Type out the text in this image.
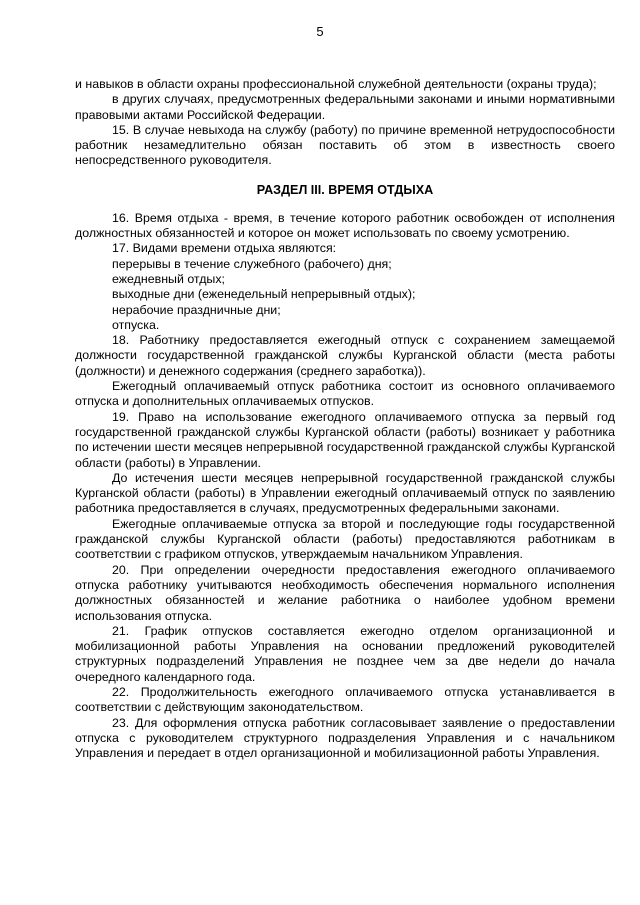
5

и навыков в области охраны профессиональной служебной деятельности (охраны труда);

в других случаях, предусмотренных федеральными законами и иными нормативными правовыми актами Российской Федерации.

15. В случае невыхода на службу (работу) по причине временной нетрудоспособности работник незамедлительно обязан поставить об этом в известность своего непосредственного руководителя.

РАЗДЕЛ III. ВРЕМЯ ОТДЫХА

16. Время отдыха - время, в течение которого работник освобожден от исполнения должностных обязанностей и которое он может использовать по своему усмотрению.

17. Видами времени отдыха являются:

перерывы в течение служебного (рабочего) дня;

ежедневный отдых;

выходные дни (еженедельный непрерывный отдых);

нерабочие праздничные дни;

отпуска.

18. Работнику предоставляется ежегодный отпуск с сохранением замещаемой должности государственной гражданской службы Курганской области (места работы (должности) и денежного содержания (среднего заработка)).

Ежегодный оплачиваемый отпуск работника состоит из основного оплачиваемого отпуска и дополнительных оплачиваемых отпусков.

19. Право на использование ежегодного оплачиваемого отпуска за первый год государственной гражданской службы Курганской области (работы) возникает у работника по истечении шести месяцев непрерывной государственной гражданской службы Курганской области (работы) в Управлении.

До истечения шести месяцев непрерывной государственной гражданской службы Курганской области (работы) в Управлении ежегодный оплачиваемый отпуск по заявлению работника предоставляется в случаях, предусмотренных федеральными законами.

Ежегодные оплачиваемые отпуска за второй и последующие годы государственной гражданской службы Курганской области (работы) предоставляются работникам в соответствии с графиком отпусков, утверждаемым начальником Управления.

20. При определении очередности предоставления ежегодного оплачиваемого отпуска работнику учитываются необходимость обеспечения нормального исполнения должностных обязанностей и желание работника о наиболее удобном времени использования отпуска.

21. График отпусков составляется ежегодно отделом организационной и мобилизационной работы Управления на основании предложений руководителей структурных подразделений Управления не позднее чем за две недели до начала очередного календарного года.

22. Продолжительность ежегодного оплачиваемого отпуска устанавливается в соответствии с действующим законодательством.

23. Для оформления отпуска работник согласовывает заявление о предоставлении отпуска с руководителем структурного подразделения Управления и с начальником Управления и передает в отдел организационной и мобилизационной работы Управления.
